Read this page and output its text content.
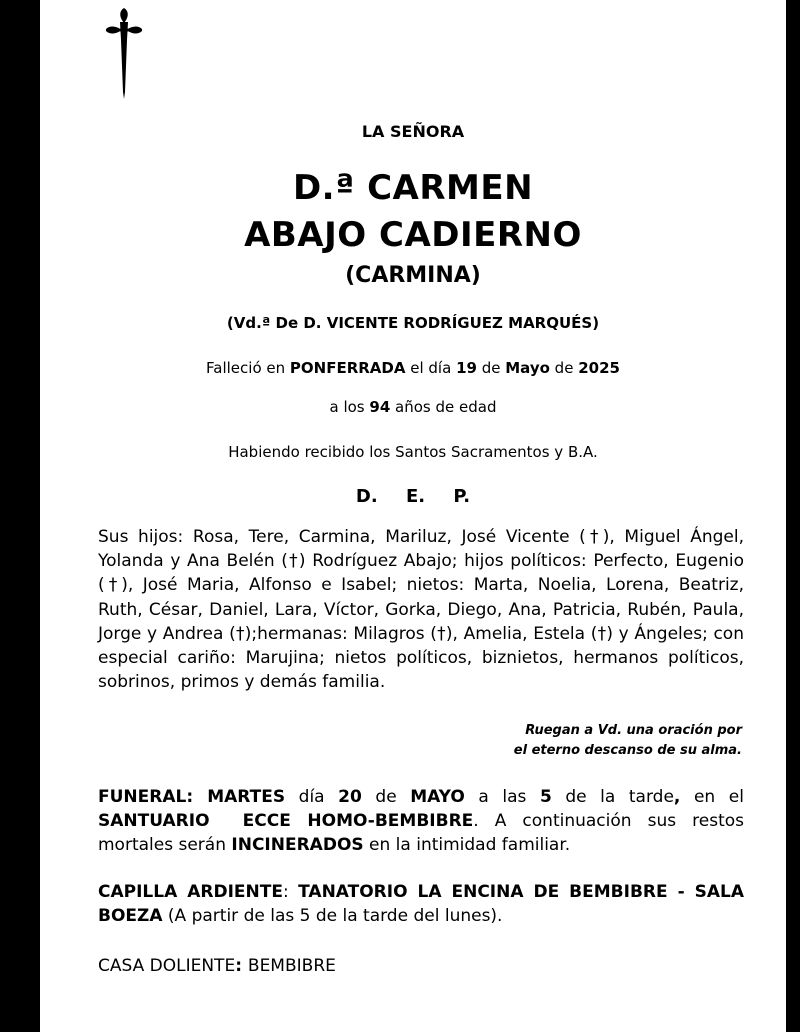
LA SEÑORA
D.ª CARMEN
ABAJO CADIERNO
(CARMINA)
(Vd.ª De D. VICENTE RODRÍGUEZ MARQUÉS)
Falleció en PONFERRADA el día 19 de Mayo de 2025
a los 94 años de edad
Habiendo recibido los Santos Sacramentos y B.A.
D. E. P.
Sus hijos: Rosa, Tere, Carmina, Mariluz, José Vicente (†), Miguel Ángel, Yolanda y Ana Belén (†) Rodríguez Abajo; hijos políticos: Perfecto, Eugenio (†), José Maria, Alfonso e Isabel; nietos: Marta, Noelia, Lorena, Beatriz, Ruth, César, Daniel, Lara, Víctor, Gorka, Diego, Ana, Patricia, Rubén, Paula, Jorge y Andrea (†);hermanas: Milagros (†), Amelia, Estela (†) y Ángeles; con especial cariño: Marujina; nietos políticos, biznietos, hermanos políticos, sobrinos, primos y demás familia.
Ruegan a Vd. una oración por
el eterno descanso de su alma.
FUNERAL: MARTES día 20 de MAYO a las 5 de la tarde, en el SANTUARIO  ECCE HOMO-BEMBIBRE. A continuación sus restos mortales serán INCINERADOS en la intimidad familiar.
CAPILLA ARDIENTE: TANATORIO LA ENCINA DE BEMBIBRE - SALA BOEZA (A partir de las 5 de la tarde del lunes).
CASA DOLIENTE: BEMBIBRE
